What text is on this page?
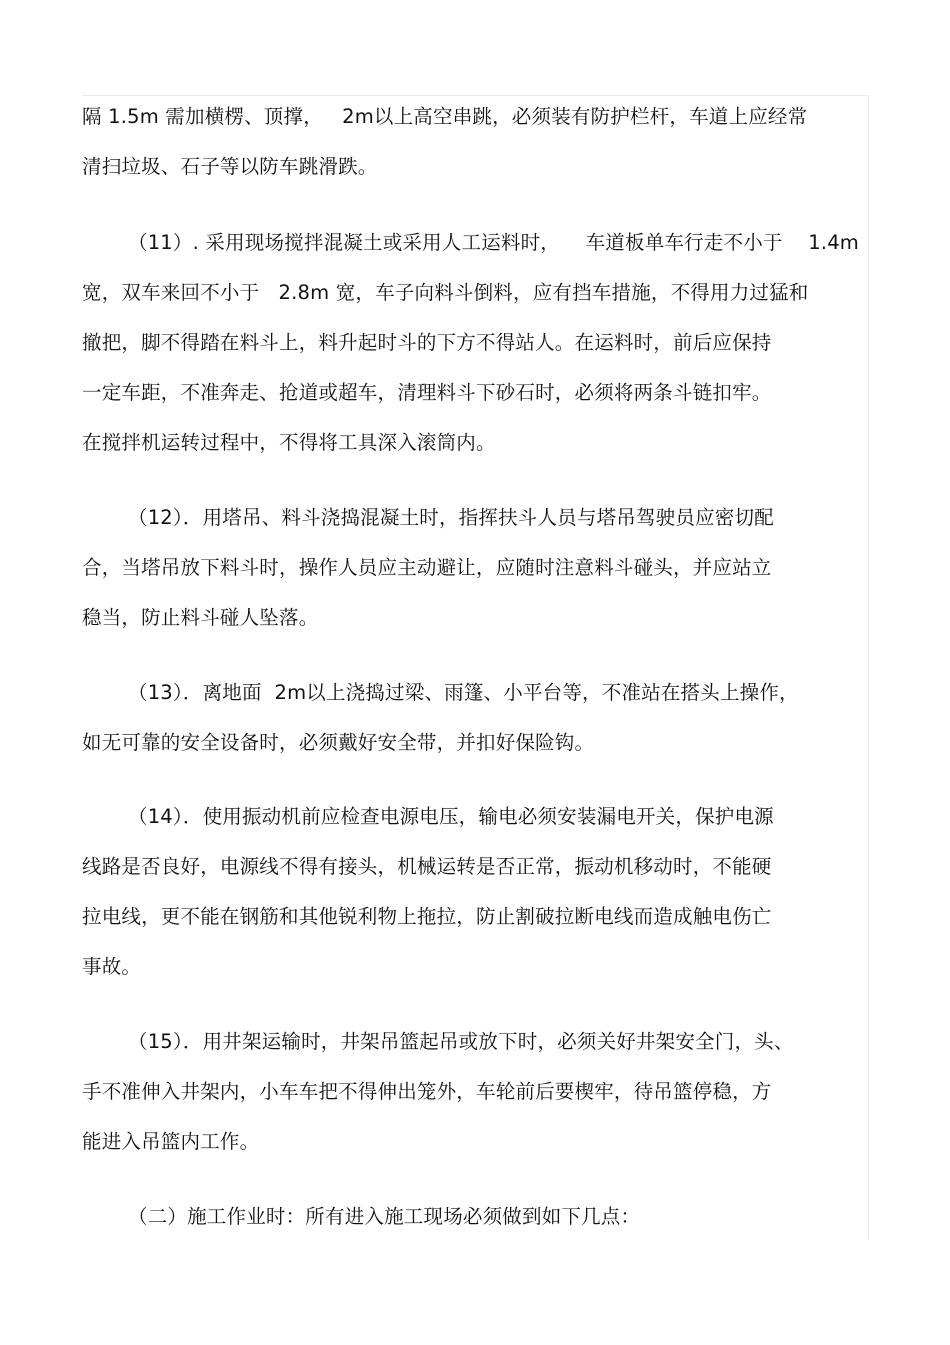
隔 1.5m 需加横楞、顶撑，   2m以上高空串跳，必须装有防护栏杆，车道上应经常
清扫垃圾、石子等以防车跳滑跌。
（11）. 采用现场搅拌混凝土或采用人工运料时，    车道板单车行走不小于    1.4m
宽，双车来回不小于   2.8m 宽，车子向料斗倒料，应有挡车措施，不得用力过猛和
撤把，脚不得踏在料斗上，料升起时斗的下方不得站人。在运料时，前后应保持
一定车距，不准奔走、抢道或超车，清理料斗下砂石时，必须将两条斗链扣牢。
在搅拌机运转过程中，不得将工具深入滚筒内。
（12）．用塔吊、料斗浇捣混凝土时，指挥扶斗人员与塔吊驾驶员应密切配
合，当塔吊放下料斗时，操作人员应主动避让，应随时注意料斗碰头，并应站立
稳当，防止料斗碰人坠落。
（13）．离地面  2m以上浇捣过梁、雨篷、小平台等，不准站在搭头上操作，
如无可靠的安全设备时，必须戴好安全带，并扣好保险钩。
（14）．使用振动机前应检查电源电压，输电必须安装漏电开关，保护电源
线路是否良好，电源线不得有接头，机械运转是否正常，振动机移动时，不能硬
拉电线，更不能在钢筋和其他锐利物上拖拉，防止割破拉断电线而造成触电伤亡
事故。
（15）．用井架运输时，井架吊篮起吊或放下时，必须关好井架安全门，头、
手不准伸入井架内，小车车把不得伸出笼外，车轮前后要楔牢，待吊篮停稳，方
能进入吊篮内工作。
（二）施工作业时：所有进入施工现场必须做到如下几点：
